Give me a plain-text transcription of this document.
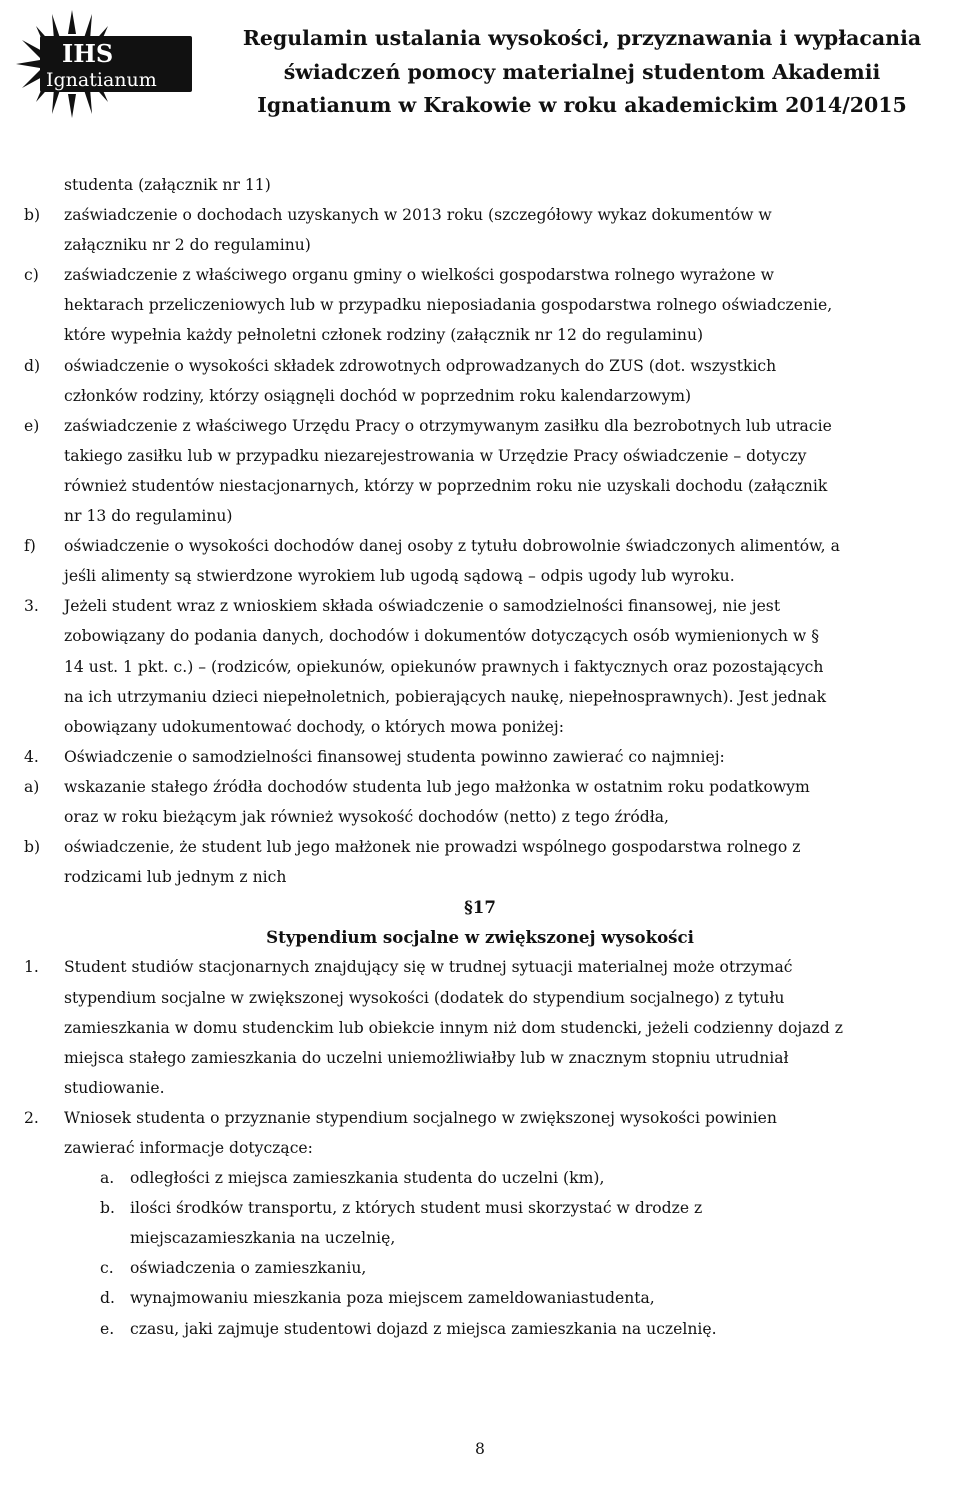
IHS
Ignatianum
Regulamin ustalania wysokości, przyznawania i wypłacania
świadczeń pomocy materialnej studentom Akademii
Ignatianum w Krakowie w roku akademickim 2014/2015
studenta (załącznik nr 11)
b) zaświadczenie o dochodach uzyskanych w 2013 roku (szczegółowy wykaz dokumentów w
załączniku nr 2 do regulaminu)
c) zaświadczenie z właściwego organu gminy o wielkości gospodarstwa rolnego wyrażone w
hektarach przeliczeniowych lub w przypadku nieposiadania gospodarstwa rolnego oświadczenie,
które wypełnia każdy pełnoletni członek rodziny (załącznik nr 12 do regulaminu)
d) oświadczenie o wysokości składek zdrowotnych odprowadzanych do ZUS (dot. wszystkich
członków rodziny, którzy osiągnęli dochód w poprzednim roku kalendarzowym)
e) zaświadczenie z właściwego Urzędu Pracy o otrzymywanym zasiłku dla bezrobotnych lub utracie
takiego zasiłku lub w przypadku niezarejestrowania w Urzędzie Pracy oświadczenie – dotyczy
również studentów niestacjonarnych, którzy w poprzednim roku nie uzyskali dochodu (załącznik
nr 13 do regulaminu)
f) oświadczenie o wysokości dochodów danej osoby z tytułu dobrowolnie świadczonych alimentów, a
jeśli alimenty są stwierdzone wyrokiem lub ugodą sądową – odpis ugody lub wyroku.
3. Jeżeli student wraz z wnioskiem składa oświadczenie o samodzielności finansowej, nie jest
zobowiązany do podania danych, dochodów i dokumentów dotyczących osób wymienionych w §
14 ust. 1 pkt. c.) – (rodziców, opiekunów, opiekunów prawnych i faktycznych oraz pozostających
na ich utrzymaniu dzieci niepełnoletnich, pobierających naukę, niepełnosprawnych). Jest jednak
obowiązany udokumentować dochody, o których mowa poniżej:
4. Oświadczenie o samodzielności finansowej studenta powinno zawierać co najmniej:
a) wskazanie stałego źródła dochodów studenta lub jego małżonka w ostatnim roku podatkowym
oraz w roku bieżącym jak również wysokość dochodów (netto) z tego źródła,
b) oświadczenie, że student lub jego małżonek nie prowadzi wspólnego gospodarstwa rolnego z
rodzicami lub jednym z nich
§17
Stypendium socjalne w zwiększonej wysokości
1. Student studiów stacjonarnych znajdujący się w trudnej sytuacji materialnej może otrzymać
stypendium socjalne w zwiększonej wysokości (dodatek do stypendium socjalnego) z tytułu
zamieszkania w domu studenckim lub obiekcie innym niż dom studencki, jeżeli codzienny dojazd z
miejsca stałego zamieszkania do uczelni uniemożliwiałby lub w znacznym stopniu utrudniał
studiowanie.
2. Wniosek studenta o przyznanie stypendium socjalnego w zwiększonej wysokości powinien
zawierać informacje dotyczące:
a. odległości z miejsca zamieszkania studenta do uczelni (km),
b. ilości środków transportu, z których student musi skorzystać w drodze z
miejscazamieszkania na uczelnię,
c. oświadczenia o zamieszkaniu,
d. wynajmowaniu mieszkania poza miejscem zameldowaniastudenta,
e. czasu, jaki zajmuje studentowi dojazd z miejsca zamieszkania na uczelnię.
8
